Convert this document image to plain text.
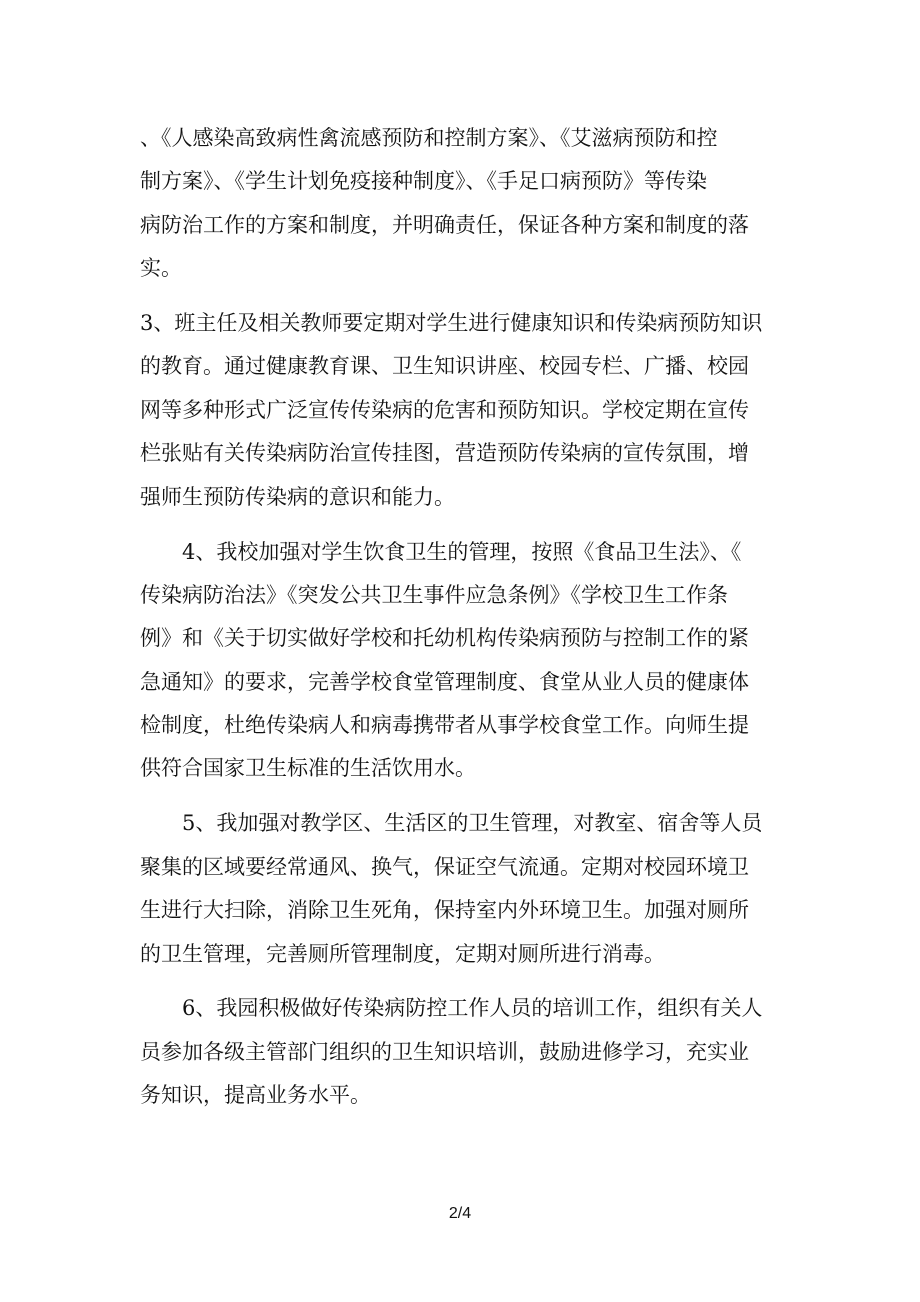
、《人感染高致病性禽流感预防和控制方案》、《艾滋病预防和控
制方案》、《学生计划免疫接种制度》、《手足口病预防》等传染
病防治工作的方案和制度，并明确责任，保证各种方案和制度的落
实。
3、班主任及相关教师要定期对学生进行健康知识和传染病预防知识
的教育。通过健康教育课、卫生知识讲座、校园专栏、广播、校园
网等多种形式广泛宣传传染病的危害和预防知识。学校定期在宣传
栏张贴有关传染病防治宣传挂图，营造预防传染病的宣传氛围，增
强师生预防传染病的意识和能力。
4、我校加强对学生饮食卫生的管理，按照《食品卫生法》、《
传染病防治法》《突发公共卫生事件应急条例》《学校卫生工作条
例》和《关于切实做好学校和托幼机构传染病预防与控制工作的紧
急通知》的要求，完善学校食堂管理制度、食堂从业人员的健康体
检制度，杜绝传染病人和病毒携带者从事学校食堂工作。向师生提
供符合国家卫生标准的生活饮用水。
5、我加强对教学区、生活区的卫生管理，对教室、宿舍等人员
聚集的区域要经常通风、换气，保证空气流通。定期对校园环境卫
生进行大扫除，消除卫生死角，保持室内外环境卫生。加强对厕所
的卫生管理，完善厕所管理制度，定期对厕所进行消毒。
6、我园积极做好传染病防控工作人员的培训工作，组织有关人
员参加各级主管部门组织的卫生知识培训，鼓励进修学习，充实业
务知识，提高业务水平。
2/4
